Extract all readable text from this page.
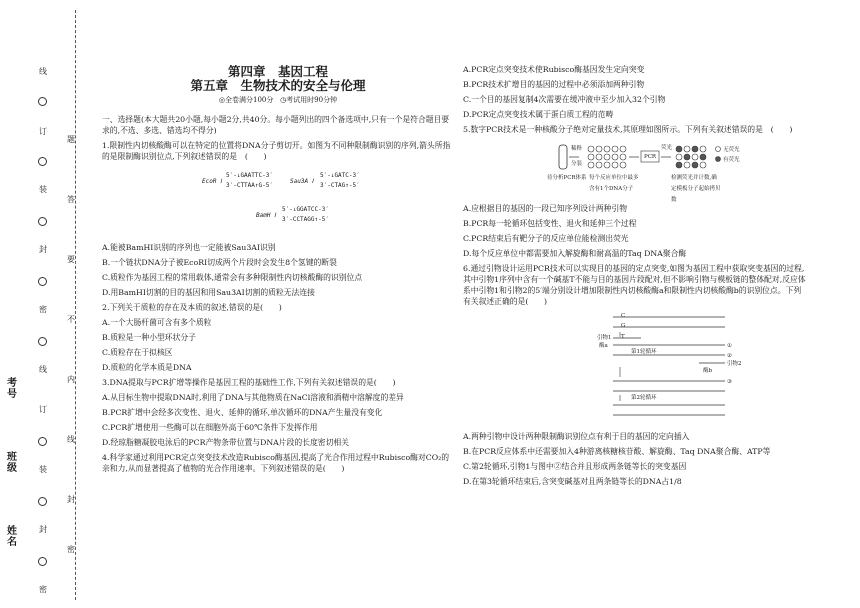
线
订
装
封
密
线
订
装
封
密
题
答
要
不
内
线
封
密
考号
班级
姓名
第四章　基因工程
第五章　生物技术的安全与伦理
◎全卷满分100分 ◷考试用时90分钟

一、选择题(本大题共20小题,每小题2分,共40分。每小题列出的四个备选项中,只有一个是符合题目要求的,不选、多选、错选均不得分)

1.限制性内切核酸酶可以在特定的位置将DNA分子剪切开。如图为不同种限制酶识别的序列,箭头所指的是限制酶识别位点,下列叙述错误的是　(　　)

EcoR Ⅰ
5′-↓GAATTC-3′
3′-CTTAA↑G-5′
Sau3A Ⅰ
5′-↓GATC-3′
3′-CTAG↑-5′
BamH Ⅰ
5′-↓GGATCC-3′
3′-CCTAGG↑-5′

A.能被BamHⅠ识别的序列也一定能被Sau3AⅠ识别

B.一个链状DNA分子被EcoRⅠ切成两个片段时会发生8个氢键的断裂

C.质粒作为基因工程的常用载体,通常会有多种限制性内切核酸酶的识别位点

D.用BamHⅠ切割的目的基因和用Sau3AⅠ切割的质粒无法连接

2.下列关于质粒的存在及本质的叙述,错误的是(　　)

A.一个大肠杆菌可含有多个质粒

B.质粒是一种小型环状分子

C.质粒存在于拟核区

D.质粒的化学本质是DNA

3.DNA提取与PCR扩增等操作是基因工程的基础性工作,下列有关叙述错误的是(　　)

A.从目标生物中提取DNA时,利用了DNA与其他物质在NaCl溶液和酒精中溶解度的差异

B.PCR扩增中会经多次变性、退火、延伸的循环,单次循环的DNA产生量没有变化

C.PCR扩增使用一些酶可以在细胞外高于60℃条件下发挥作用

D.经琼脂糖凝胶电泳后的PCR产物条带位置与DNA片段的长度密切相关

4.科学家通过利用PCR定点突变技术改造Rubisco酶基因,提高了光合作用过程中Rubisco酶对CO₂的亲和力,从而显著提高了植物的光合作用速率。下列叙述错误的是(　　)

A.PCR定点突变技术使Rubisco酶基因发生定向突变

B.PCR技术扩增目的基因的过程中必须添加两种引物

C.一个目的基因复制4次需要在缓冲液中至少加入32个引物

D.PCR定点突变技术属于蛋白质工程的范畴

5.数字PCR技术是一种核酸分子绝对定量技术,其原理如图所示。下列有关叙述错误的是　(　　)

稀释
分装
PCR
荧光	无荧光
有荧光
待分析PCR体系 每个反应单位中最多含有1个DNA分子
检测荧光并计数,确定模板分子起始拷贝数

A.应根据目的基因的一段已知序列设计两种引物

B.PCR每一轮循环包括变性、退火和延伸三个过程

C.PCR结束后有靶分子的反应单位能检测出荧光

D.每个反应单位中都需要加入解旋酶和耐高温的Taq DNA聚合酶

6.通过引物设计运用PCR技术可以实现目的基因的定点突变,如图为基因工程中获取突变基因的过程,其中引物1序列中含有一个碱基T不能与目的基因片段配对,但不影响引物与模板链的整体配对,反应体系中引物1和引物2的5′端分别设计增加限制性内切核酸酶a和限制性内切核酸酶b的识别位点。下列有关叙述正确的是(　　)

C
G
T
引物1
酶a
第1轮循环
①
②
引物2
酶b
③
第2轮循环

A.两种引物中设计两种限制酶识别位点有利于目的基因的定向插入

B.在PCR反应体系中还需要加入4种游离核糖核苷酸、解旋酶、Taq DNA聚合酶、ATP等

C.第2轮循环,引物1与图中②结合并且形成两条链等长的突变基因

D.在第3轮循环结束后,含突变碱基对且两条链等长的DNA占1/8
